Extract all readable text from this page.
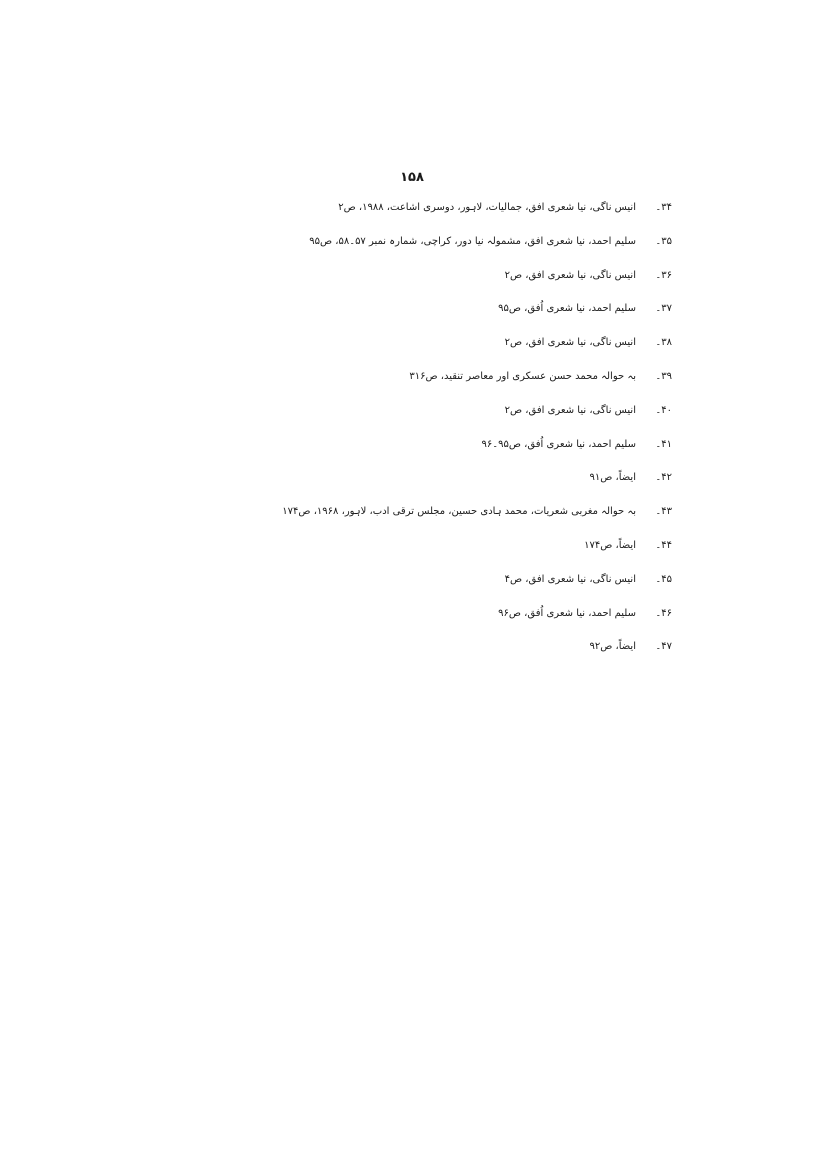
۱۵۸
۳۴۔
انیس ناگی، نیا شعری افق، جمالیات، لاہور، دوسری اشاعت، ۱۹۸۸، ص۲
۳۵۔
سلیم احمد، نیا شعری افق، مشمولہ نیا دور، کراچی، شمارہ نمبر ۵۷۔۵۸، ص۹۵
۳۶۔
انیس ناگی، نیا شعری افق، ص۲
۳۷۔
سلیم احمد، نیا شعری اُفق، ص۹۵
۳۸۔
انیس ناگی، نیا شعری افق، ص۲
۳۹۔
بہ حوالہ محمد حسن عسکری اور معاصر تنقید، ص۳۱۶
۴۰۔
انیس ناگی، نیا شعری افق، ص۲
۴۱۔
سلیم احمد، نیا شعری اُفق، ص۹۵۔۹۶
۴۲۔
ایضاً، ص۹۱
۴۳۔
بہ حوالہ مغربی شعریات، محمد ہادی حسین، مجلس ترقی ادب، لاہور، ۱۹۶۸، ص۱۷۴
۴۴۔
ایضاً، ص۱۷۴
۴۵۔
انیس ناگی، نیا شعری افق، ص۴
۴۶۔
سلیم احمد، نیا شعری اُفق، ص۹۶
۴۷۔
ایضاً، ص۹۲
